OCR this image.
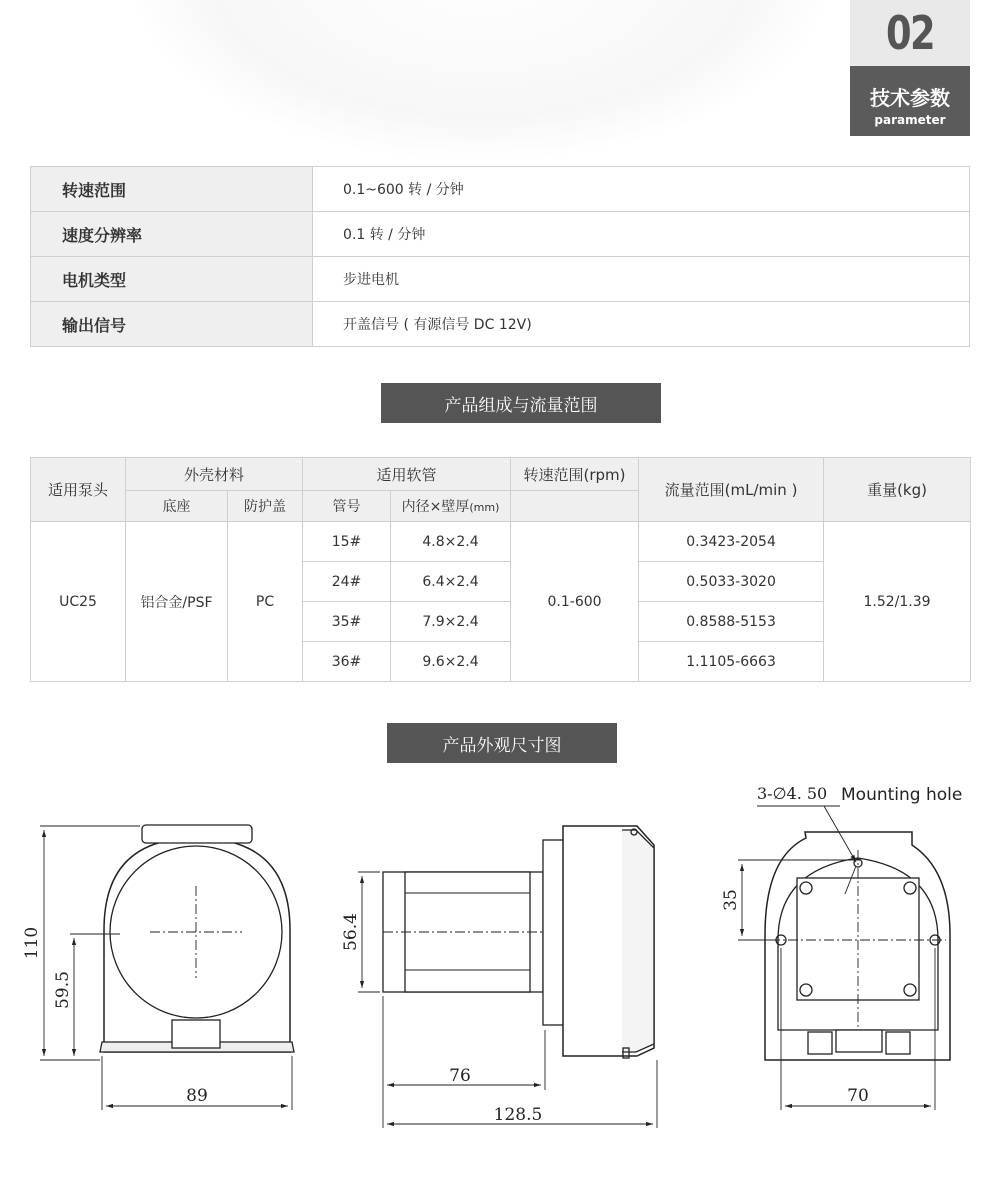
02
技术参数
parameter
转速范围	0.1~600 转 / 分钟
速度分辨率	0.1 转 / 分钟
电机类型	步进电机
输出信号	开盖信号 ( 有源信号 DC 12V)
产品组成与流量范围
适用泵头	外壳材料		适用软管		转速范围(rpm)	流量范围(mL/min )	重量(kg)
	底座	防护盖	管号	内径×壁厚(mm)			
UC25	铝合金/PSF	PC	15#	4.8×2.4	0.1-600	0.3423-2054	1.52/1.39
			24#	6.4×2.4		0.5033-3020	
			35#	7.9×2.4		0.8588-5153	
			36#	9.6×2.4		1.1105-6663	
产品外观尺寸图
110
59.5
89
56.4
76
128.5
3-∅4. 50 Mounting hole
35
70
